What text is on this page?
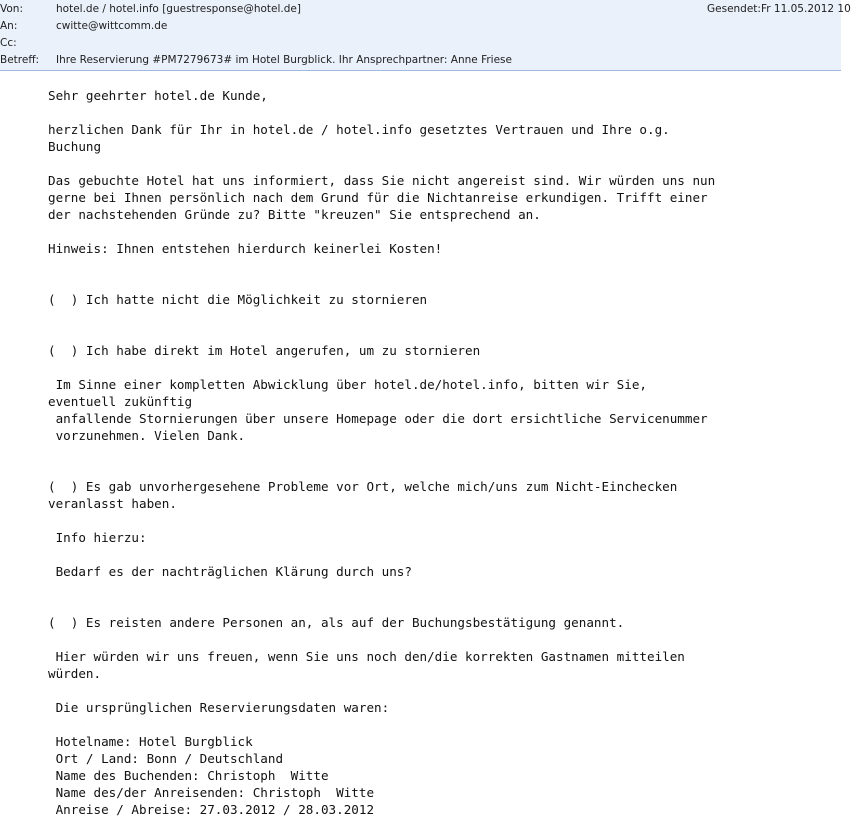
Von:	hotel.de / hotel.info [guestresponse@hotel.de]	Gesendet: Fr 11.05.2012 10
An:	cwitte@wittcomm.de
Cc:
Betreff: Ihre Reservierung #PM7279673# im Hotel Burgblick. Ihr Ansprechpartner: Anne Friese
Sehr geehrter hotel.de Kunde,
herzlichen Dank für Ihr in hotel.de / hotel.info gesetztes Vertrauen und Ihre o.g.
Buchung
Das gebuchte Hotel hat uns informiert, dass Sie nicht angereist sind. Wir würden uns nun
gerne bei Ihnen persönlich nach dem Grund für die Nichtanreise erkundigen. Trifft einer
der nachstehenden Gründe zu? Bitte "kreuzen" Sie entsprechend an.
Hinweis: Ihnen entstehen hierdurch keinerlei Kosten!
(  ) Ich hatte nicht die Möglichkeit zu stornieren
(  ) Ich habe direkt im Hotel angerufen, um zu stornieren
Im Sinne einer kompletten Abwicklung über hotel.de/hotel.info, bitten wir Sie,
eventuell zukünftig
anfallende Stornierungen über unsere Homepage oder die dort ersichtliche Servicenummer
vorzunehmen. Vielen Dank.
(  ) Es gab unvorhergesehene Probleme vor Ort, welche mich/uns zum Nicht-Einchecken
veranlasst haben.
Info hierzu:
Bedarf es der nachträglichen Klärung durch uns?
(  ) Es reisten andere Personen an, als auf der Buchungsbestätigung genannt.
Hier würden wir uns freuen, wenn Sie uns noch den/die korrekten Gastnamen mitteilen
würden.
Die ursprünglichen Reservierungsdaten waren:
Hotelname: Hotel Burgblick
Ort / Land: Bonn / Deutschland
Name des Buchenden: Christoph  Witte
Name des/der Anreisenden: Christoph  Witte
Anreise / Abreise: 27.03.2012 / 28.03.2012
